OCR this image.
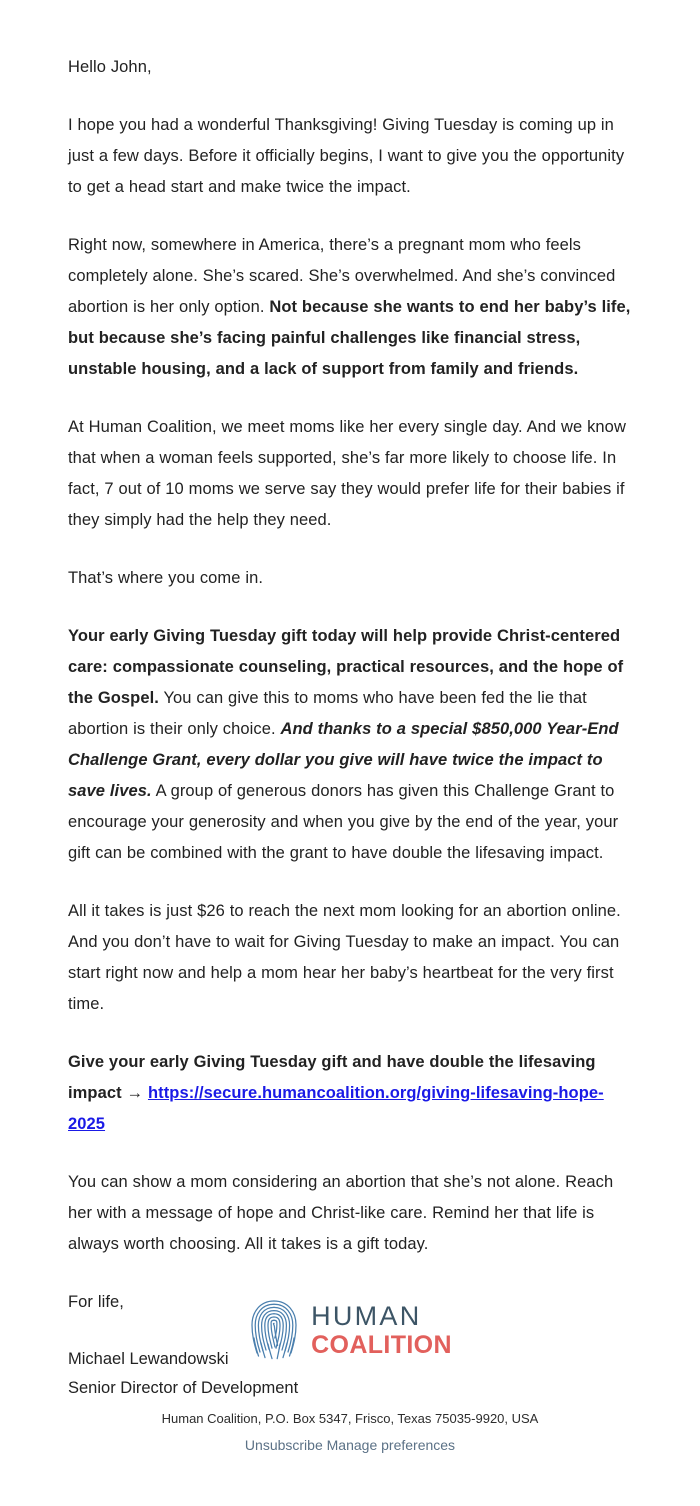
Hello John,

I hope you had a wonderful Thanksgiving! Giving Tuesday is coming up in just a few days. Before it officially begins, I want to give you the opportunity to get a head start and make twice the impact.

Right now, somewhere in America, there’s a pregnant mom who feels completely alone. She’s scared. She’s overwhelmed. And she’s convinced abortion is her only option. Not because she wants to end her baby’s life, but because she’s facing painful challenges like financial stress, unstable housing, and a lack of support from family and friends.

At Human Coalition, we meet moms like her every single day. And we know that when a woman feels supported, she’s far more likely to choose life. In fact, 7 out of 10 moms we serve say they would prefer life for their babies if they simply had the help they need.

That’s where you come in.

Your early Giving Tuesday gift today will help provide Christ-centered care: compassionate counseling, practical resources, and the hope of the Gospel. You can give this to moms who have been fed the lie that abortion is their only choice. And thanks to a special $850,000 Year-End Challenge Grant, every dollar you give will have twice the impact to save lives. A group of generous donors has given this Challenge Grant to encourage your generosity and when you give by the end of the year, your gift can be combined with the grant to have double the lifesaving impact.

All it takes is just $26 to reach the next mom looking for an abortion online. And you don’t have to wait for Giving Tuesday to make an impact. You can start right now and help a mom hear her baby’s heartbeat for the very first time.

Give your early Giving Tuesday gift and have double the lifesaving impact → https://secure.humancoalition.org/giving-lifesaving-hope-2025

You can show a mom considering an abortion that she’s not alone. Reach her with a message of hope and Christ-like care. Remind her that life is always worth choosing. All it takes is a gift today.

For life,

Michael Lewandowski

Senior Director of Development

HUMAN
COALITION

Human Coalition, P.O. Box 5347, Frisco, Texas 75035-9920, USA

Unsubscribe Manage preferences
